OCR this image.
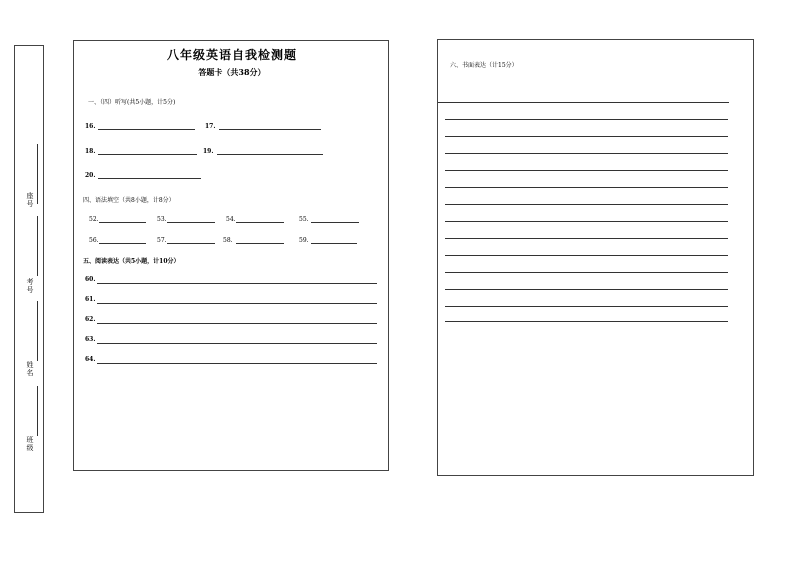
座号
考号
姓名
班级
八年级英语自我检测题
答题卡（共38分）
一、（四）听写(共5小题，计5分)
16.	17.
18.	19.
20.
四、语法填空（共8小题，计8分）
52.	53.	54.	55.
56.	57.	58.	59.
五、阅读表达（共5小题，计10分）
60.
61.
62.
63.
64.
六、书面表达（计15分）
